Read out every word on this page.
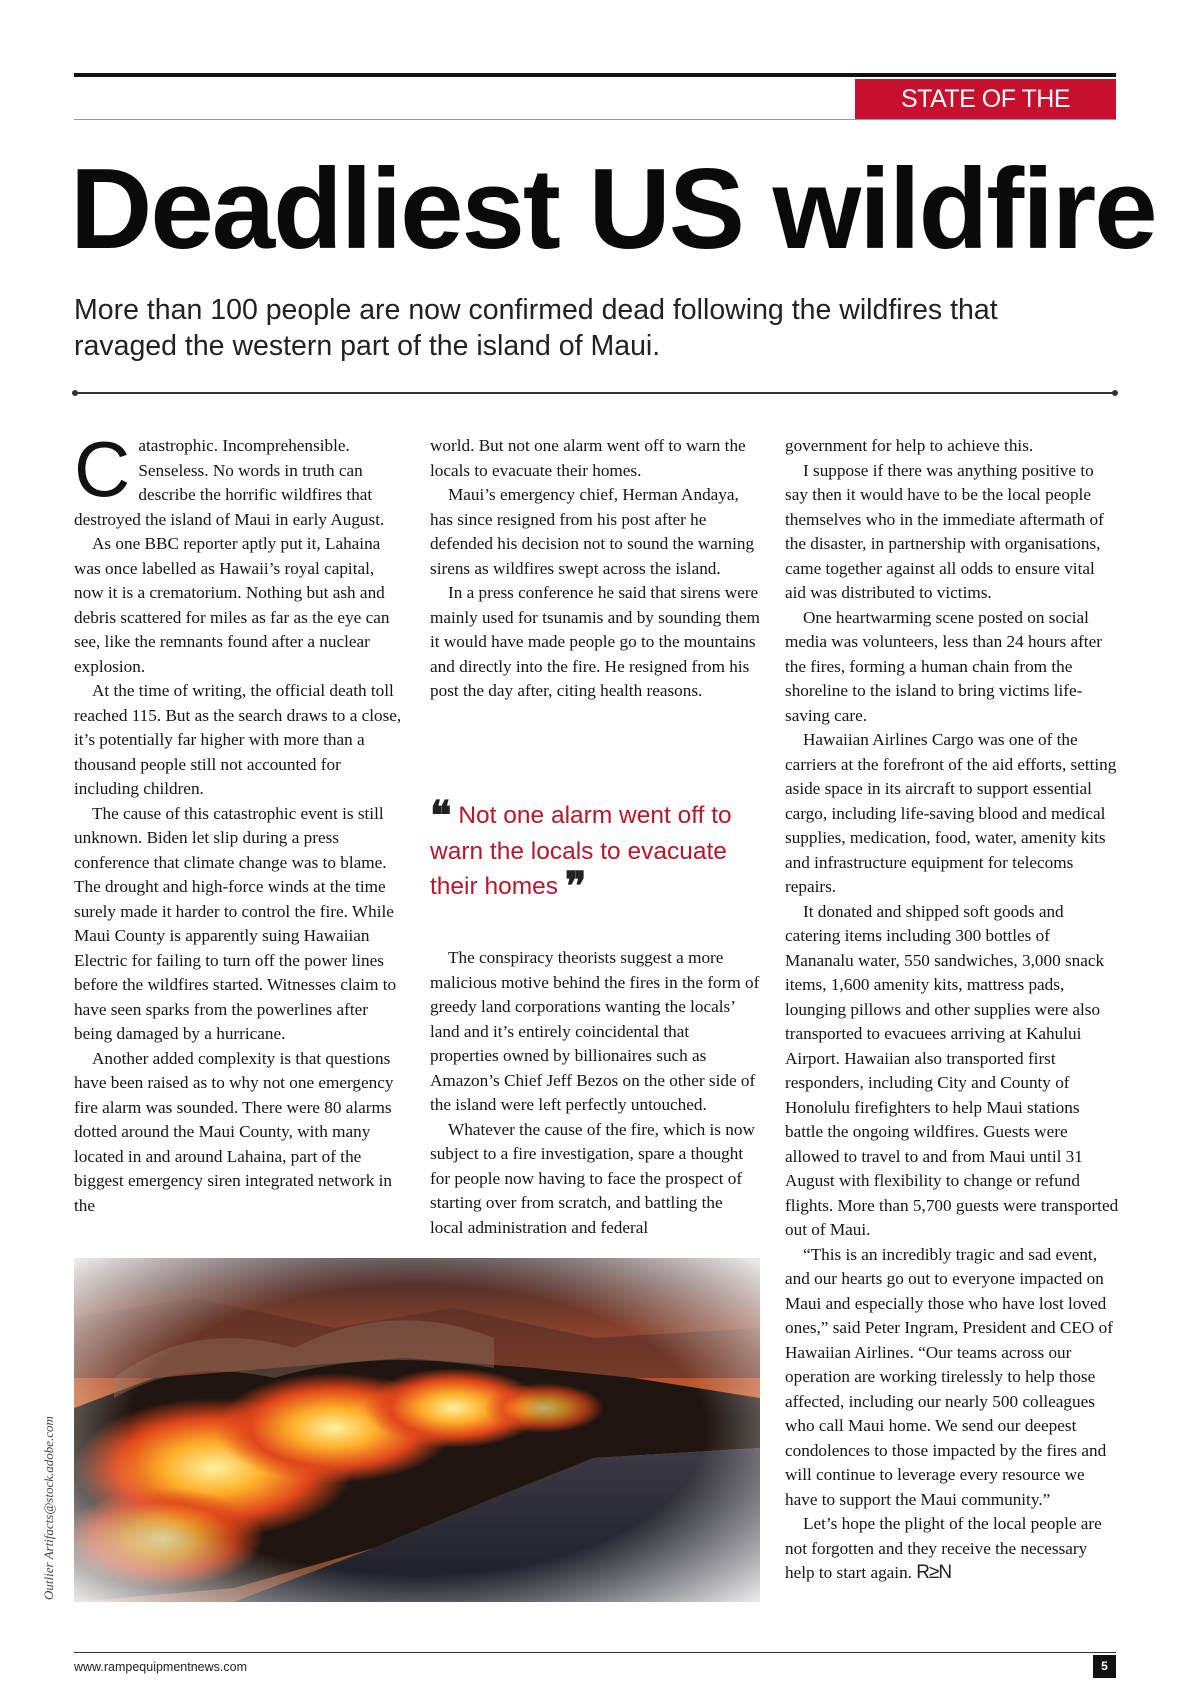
STATE OF THE NATION
Deadliest US wildfire

More than 100 people are now confirmed dead following the wildfires that ravaged the western part of the island of Maui.

Catastrophic. Incomprehensible. Senseless. No words in truth can describe the horrific wildfires that destroyed the island of Maui in early August.

As one BBC reporter aptly put it, Lahaina was once labelled as Hawaii’s royal capital, now it is a crematorium. Nothing but ash and debris scattered for miles as far as the eye can see, like the remnants found after a nuclear explosion.

At the time of writing, the official death toll reached 115. But as the search draws to a close, it’s potentially far higher with more than a thousand people still not accounted for including children.

The cause of this catastrophic event is still unknown. Biden let slip during a press conference that climate change was to blame. The drought and high-force winds at the time surely made it harder to control the fire. While Maui County is apparently suing Hawaiian Electric for failing to turn off the power lines before the wildfires started. Witnesses claim to have seen sparks from the powerlines after being damaged by a hurricane.

Another added complexity is that questions have been raised as to why not one emergency fire alarm was sounded. There were 80 alarms dotted around the Maui County, with many located in and around Lahaina, part of the biggest emergency siren integrated network in the

world. But not one alarm went off to warn the locals to evacuate their homes.

Maui’s emergency chief, Herman Andaya, has since resigned from his post after he defended his decision not to sound the warning sirens as wildfires swept across the island.

In a press conference he said that sirens were mainly used for tsunamis and by sounding them it would have made people go to the mountains and directly into the fire. He resigned from his post the day after, citing health reasons.

❝ Not one alarm went off to warn the locals to evacuate their homes ❞

The conspiracy theorists suggest a more malicious motive behind the fires in the form of greedy land corporations wanting the locals’ land and it’s entirely coincidental that properties owned by billionaires such as Amazon’s Chief Jeff Bezos on the other side of the island were left perfectly untouched.

Whatever the cause of the fire, which is now subject to a fire investigation, spare a thought for people now having to face the prospect of starting over from scratch, and battling the local administration and federal

government for help to achieve this.

I suppose if there was anything positive to say then it would have to be the local people themselves who in the immediate aftermath of the disaster, in partnership with organisations, came together against all odds to ensure vital aid was distributed to victims.

One heartwarming scene posted on social media was volunteers, less than 24 hours after the fires, forming a human chain from the shoreline to the island to bring victims life-saving care.

Hawaiian Airlines Cargo was one of the carriers at the forefront of the aid efforts, setting aside space in its aircraft to support essential cargo, including life-saving blood and medical supplies, medication, food, water, amenity kits and infrastructure equipment for telecoms repairs.

It donated and shipped soft goods and catering items including 300 bottles of Mananalu water, 550 sandwiches, 3,000 snack items, 1,600 amenity kits, mattress pads, lounging pillows and other supplies were also transported to evacuees arriving at Kahului Airport. Hawaiian also transported first responders, including City and County of Honolulu firefighters to help Maui stations battle the ongoing wildfires. Guests were allowed to travel to and from Maui until 31 August with flexibility to change or refund flights. More than 5,700 guests were transported out of Maui.

“This is an incredibly tragic and sad event, and our hearts go out to everyone impacted on Maui and especially those who have lost loved ones,” said Peter Ingram, President and CEO of Hawaiian Airlines. “Our teams across our operation are working tirelessly to help those affected, including our nearly 500 colleagues who call Maui home. We send our deepest condolences to those impacted by the fires and will continue to leverage every resource we have to support the Maui community.”

Let’s hope the plight of the local people are not forgotten and they receive the necessary help to start again. R≥N

Outlier Artifacts@stock.adobe.com
www.rampequipmentnews.com	5
